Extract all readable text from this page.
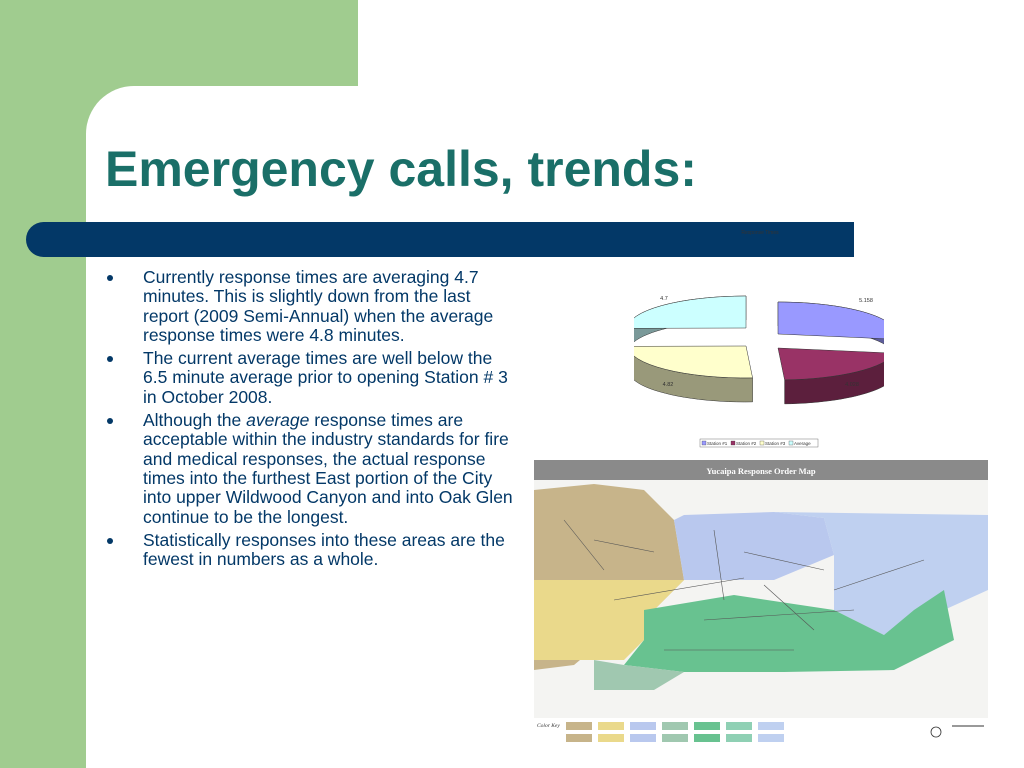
Emergency calls, trends:
Currently response times are averaging 4.7 minutes. This is slightly down from the last report (2009 Semi-Annual) when the average response times were 4.8 minutes.
The current average times are well below the 6.5 minute average prior to opening Station # 3 in October 2008.
Although the average response times are acceptable within the industry standards for fire and medical responses, the actual response times into the furthest East portion of the City into upper Wildwood Canyon and into Oak Glen continue to be the longest.
Statistically responses into these areas are the fewest in numbers as a whole.
Response Times
5.158
4.028
4.82
4.7
Station #1 Station #2 Station #3 Average
Yucaipa Response Order Map
Color Key
